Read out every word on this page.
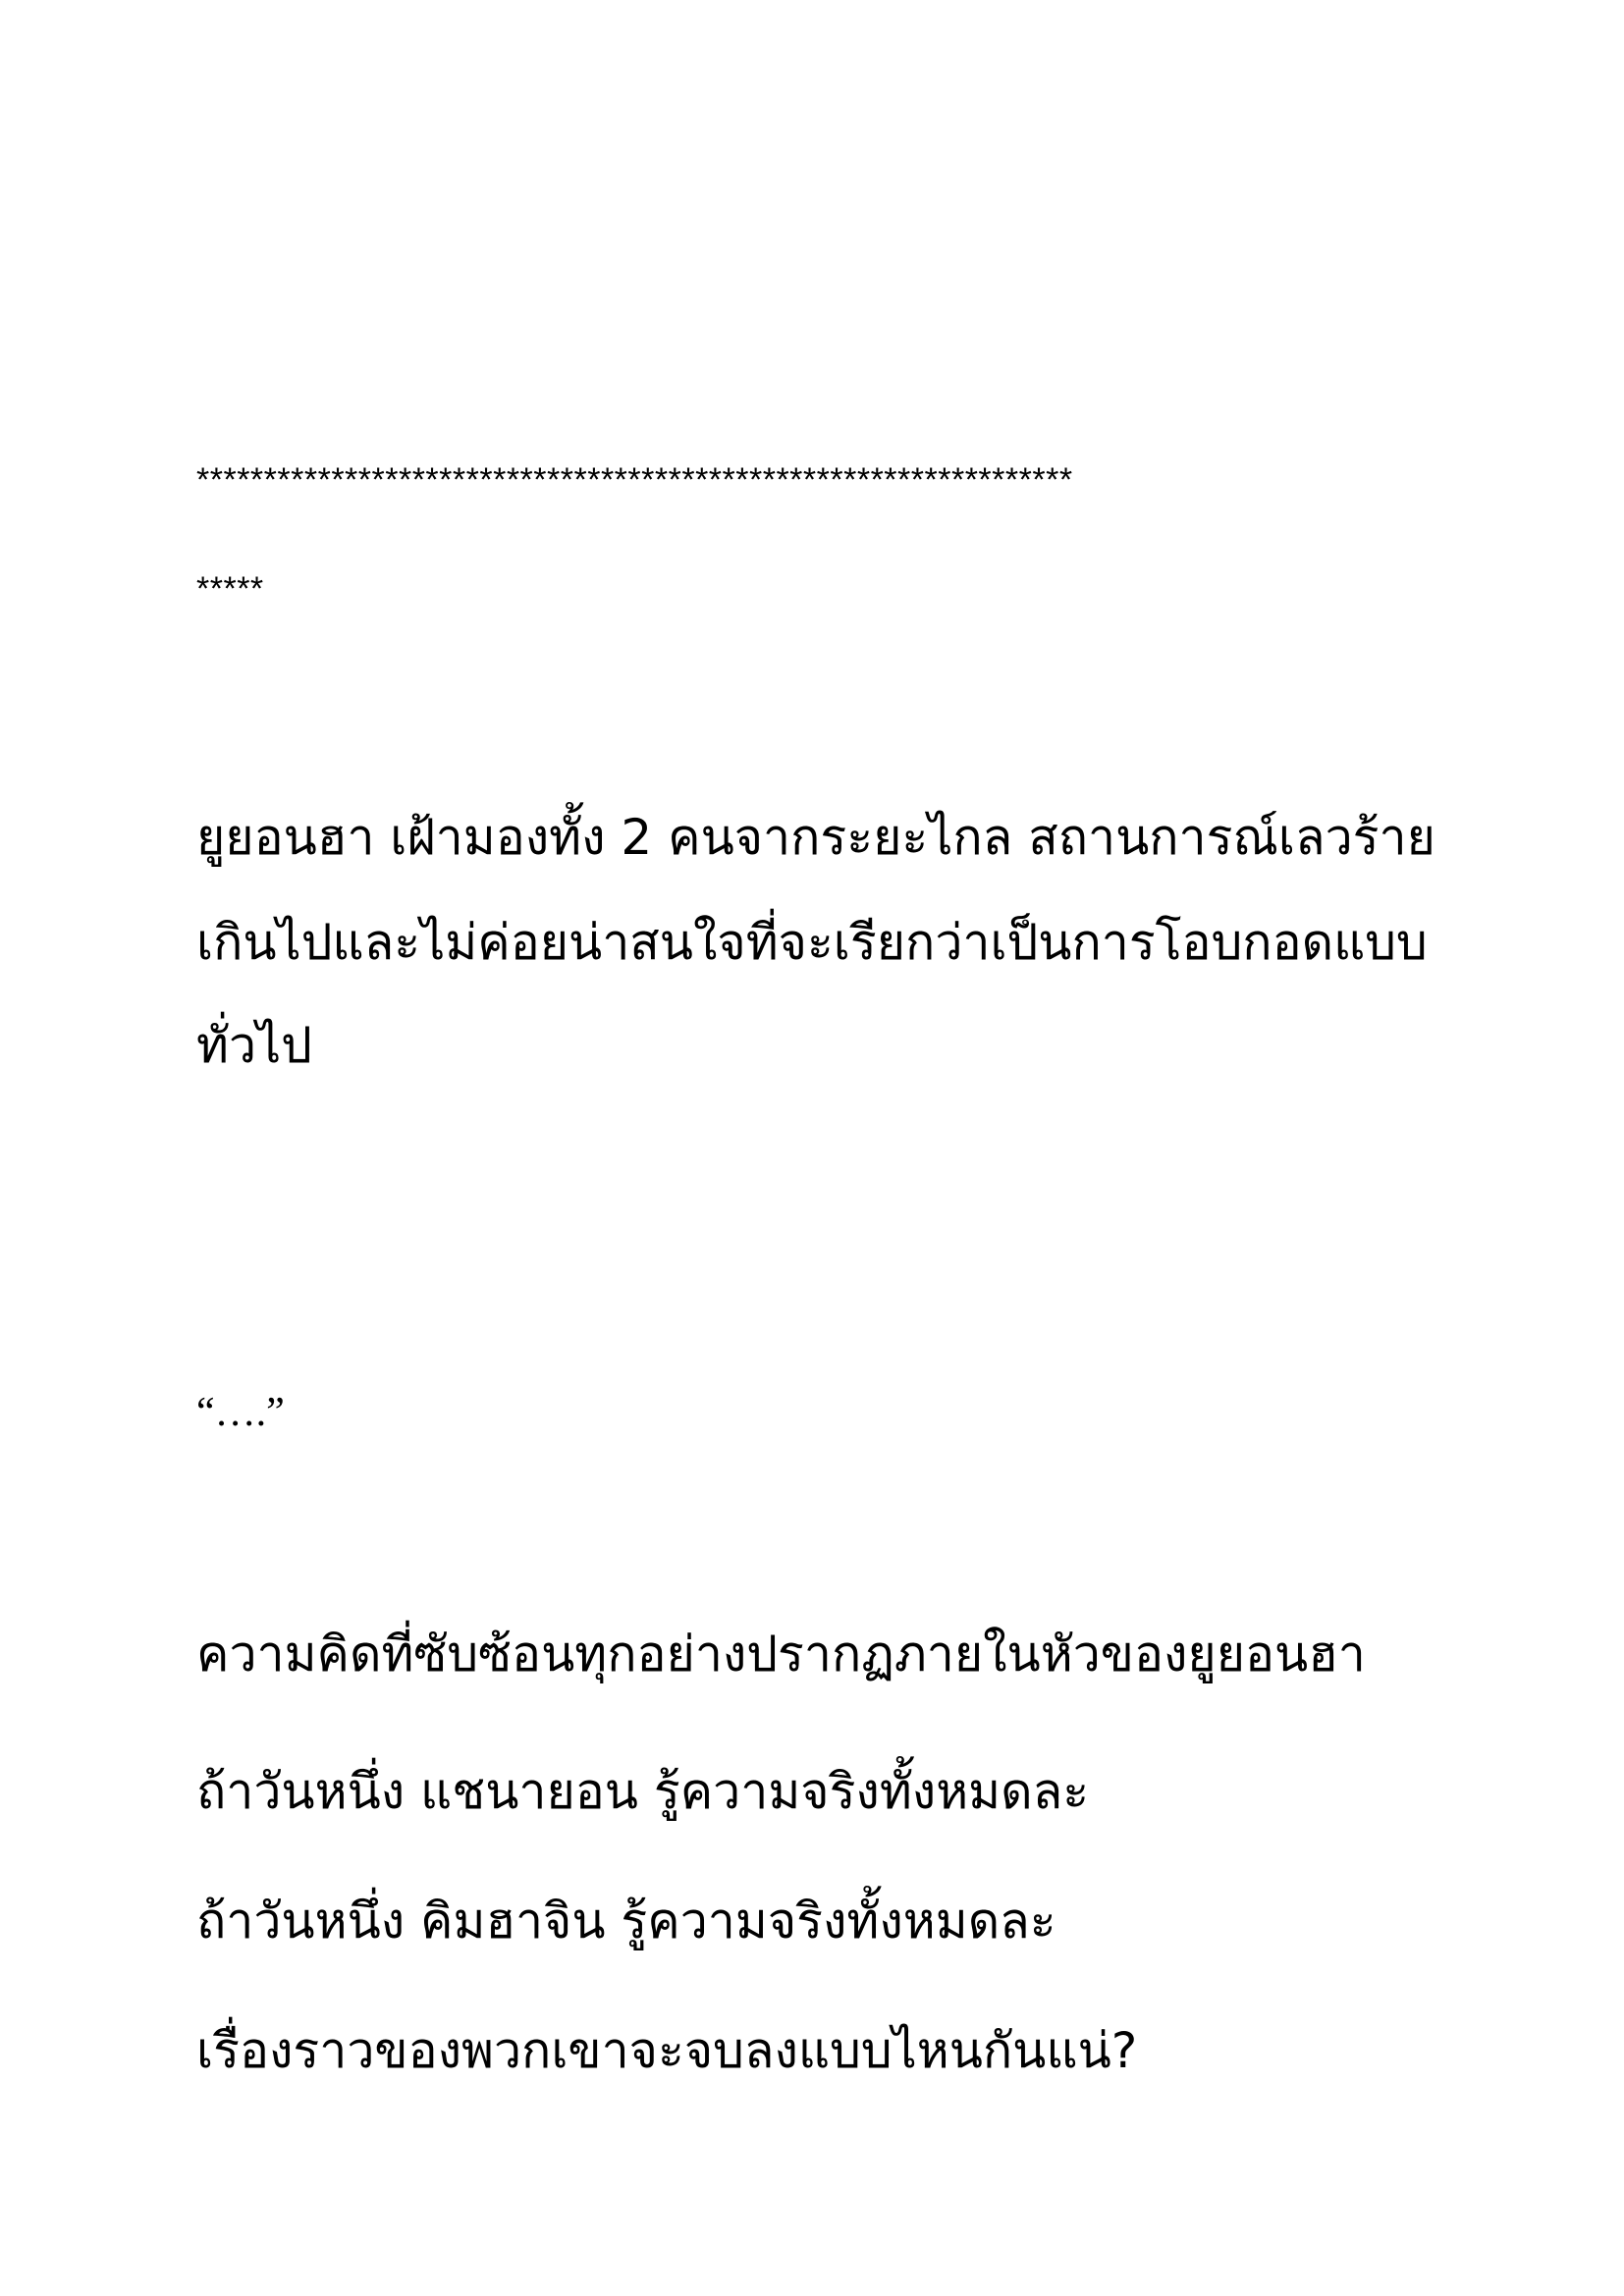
*****************************************************************

*****

ยูยอนฮา เฝ้ามองทั้ง 2 คนจากระยะไกล สถานการณ์เลวร้าย

เกินไปและไม่ค่อยน่าสนใจที่จะเรียกว่าเป็นการโอบกอดแบบ

ทั่วไป

“….”

ความคิดที่ซับซ้อนทุกอย่างปรากฏภายในหัวของยูยอนฮา

ถ้าวันหนึ่ง แชนายอน รู้ความจริงทั้งหมดละ

ถ้าวันหนึ่ง คิมฮาจิน รู้ความจริงทั้งหมดละ

เรื่องราวของพวกเขาจะจบลงแบบไหนกันแน่?
